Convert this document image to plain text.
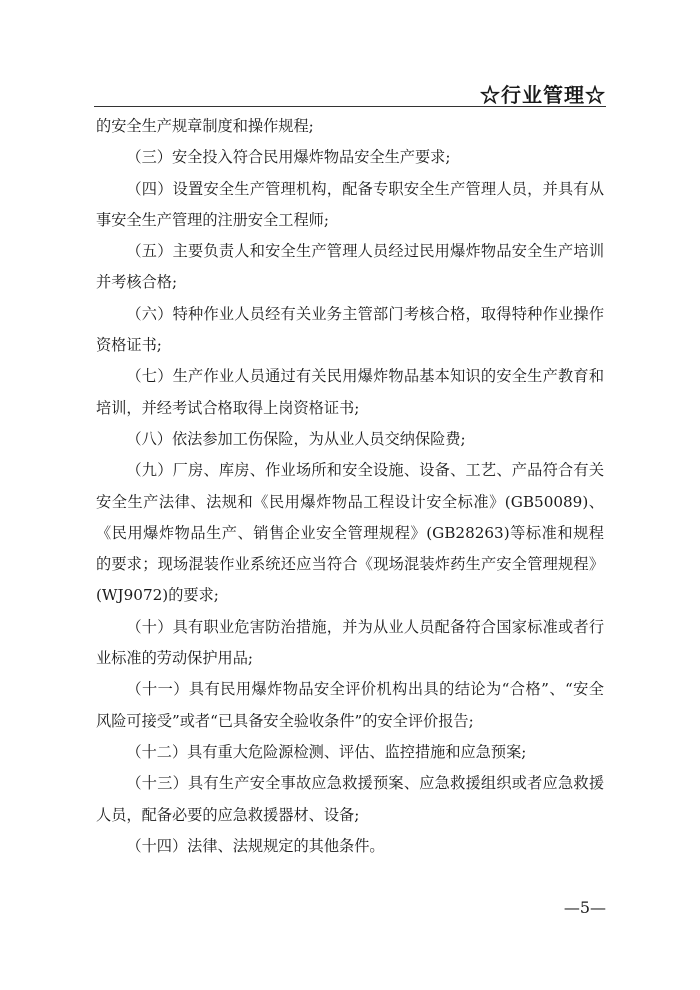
☆行业管理☆

的安全生产规章制度和操作规程;

（三）安全投入符合民用爆炸物品安全生产要求;

（四）设置安全生产管理机构，配备专职安全生产管理人员，并具有从事安全生产管理的注册安全工程师;

（五）主要负责人和安全生产管理人员经过民用爆炸物品安全生产培训并考核合格;

（六）特种作业人员经有关业务主管部门考核合格，取得特种作业操作资格证书;

（七）生产作业人员通过有关民用爆炸物品基本知识的安全生产教育和培训，并经考试合格取得上岗资格证书;

（八）依法参加工伤保险，为从业人员交纳保险费;

（九）厂房、库房、作业场所和安全设施、设备、工艺、产品符合有关安全生产法律、法规和《民用爆炸物品工程设计安全标准》(GB50089)、《民用爆炸物品生产、销售企业安全管理规程》(GB28263)等标准和规程的要求；现场混装作业系统还应当符合《现场混装炸药生产安全管理规程》(WJ9072)的要求;

（十）具有职业危害防治措施，并为从业人员配备符合国家标准或者行业标准的劳动保护用品;

（十一）具有民用爆炸物品安全评价机构出具的结论为“合格”、“安全风险可接受”或者“已具备安全验收条件”的安全评价报告;

（十二）具有重大危险源检测、评估、监控措施和应急预案;

（十三）具有生产安全事故应急救援预案、应急救援组织或者应急救援人员，配备必要的应急救援器材、设备;

（十四）法律、法规规定的其他条件。

—5—
